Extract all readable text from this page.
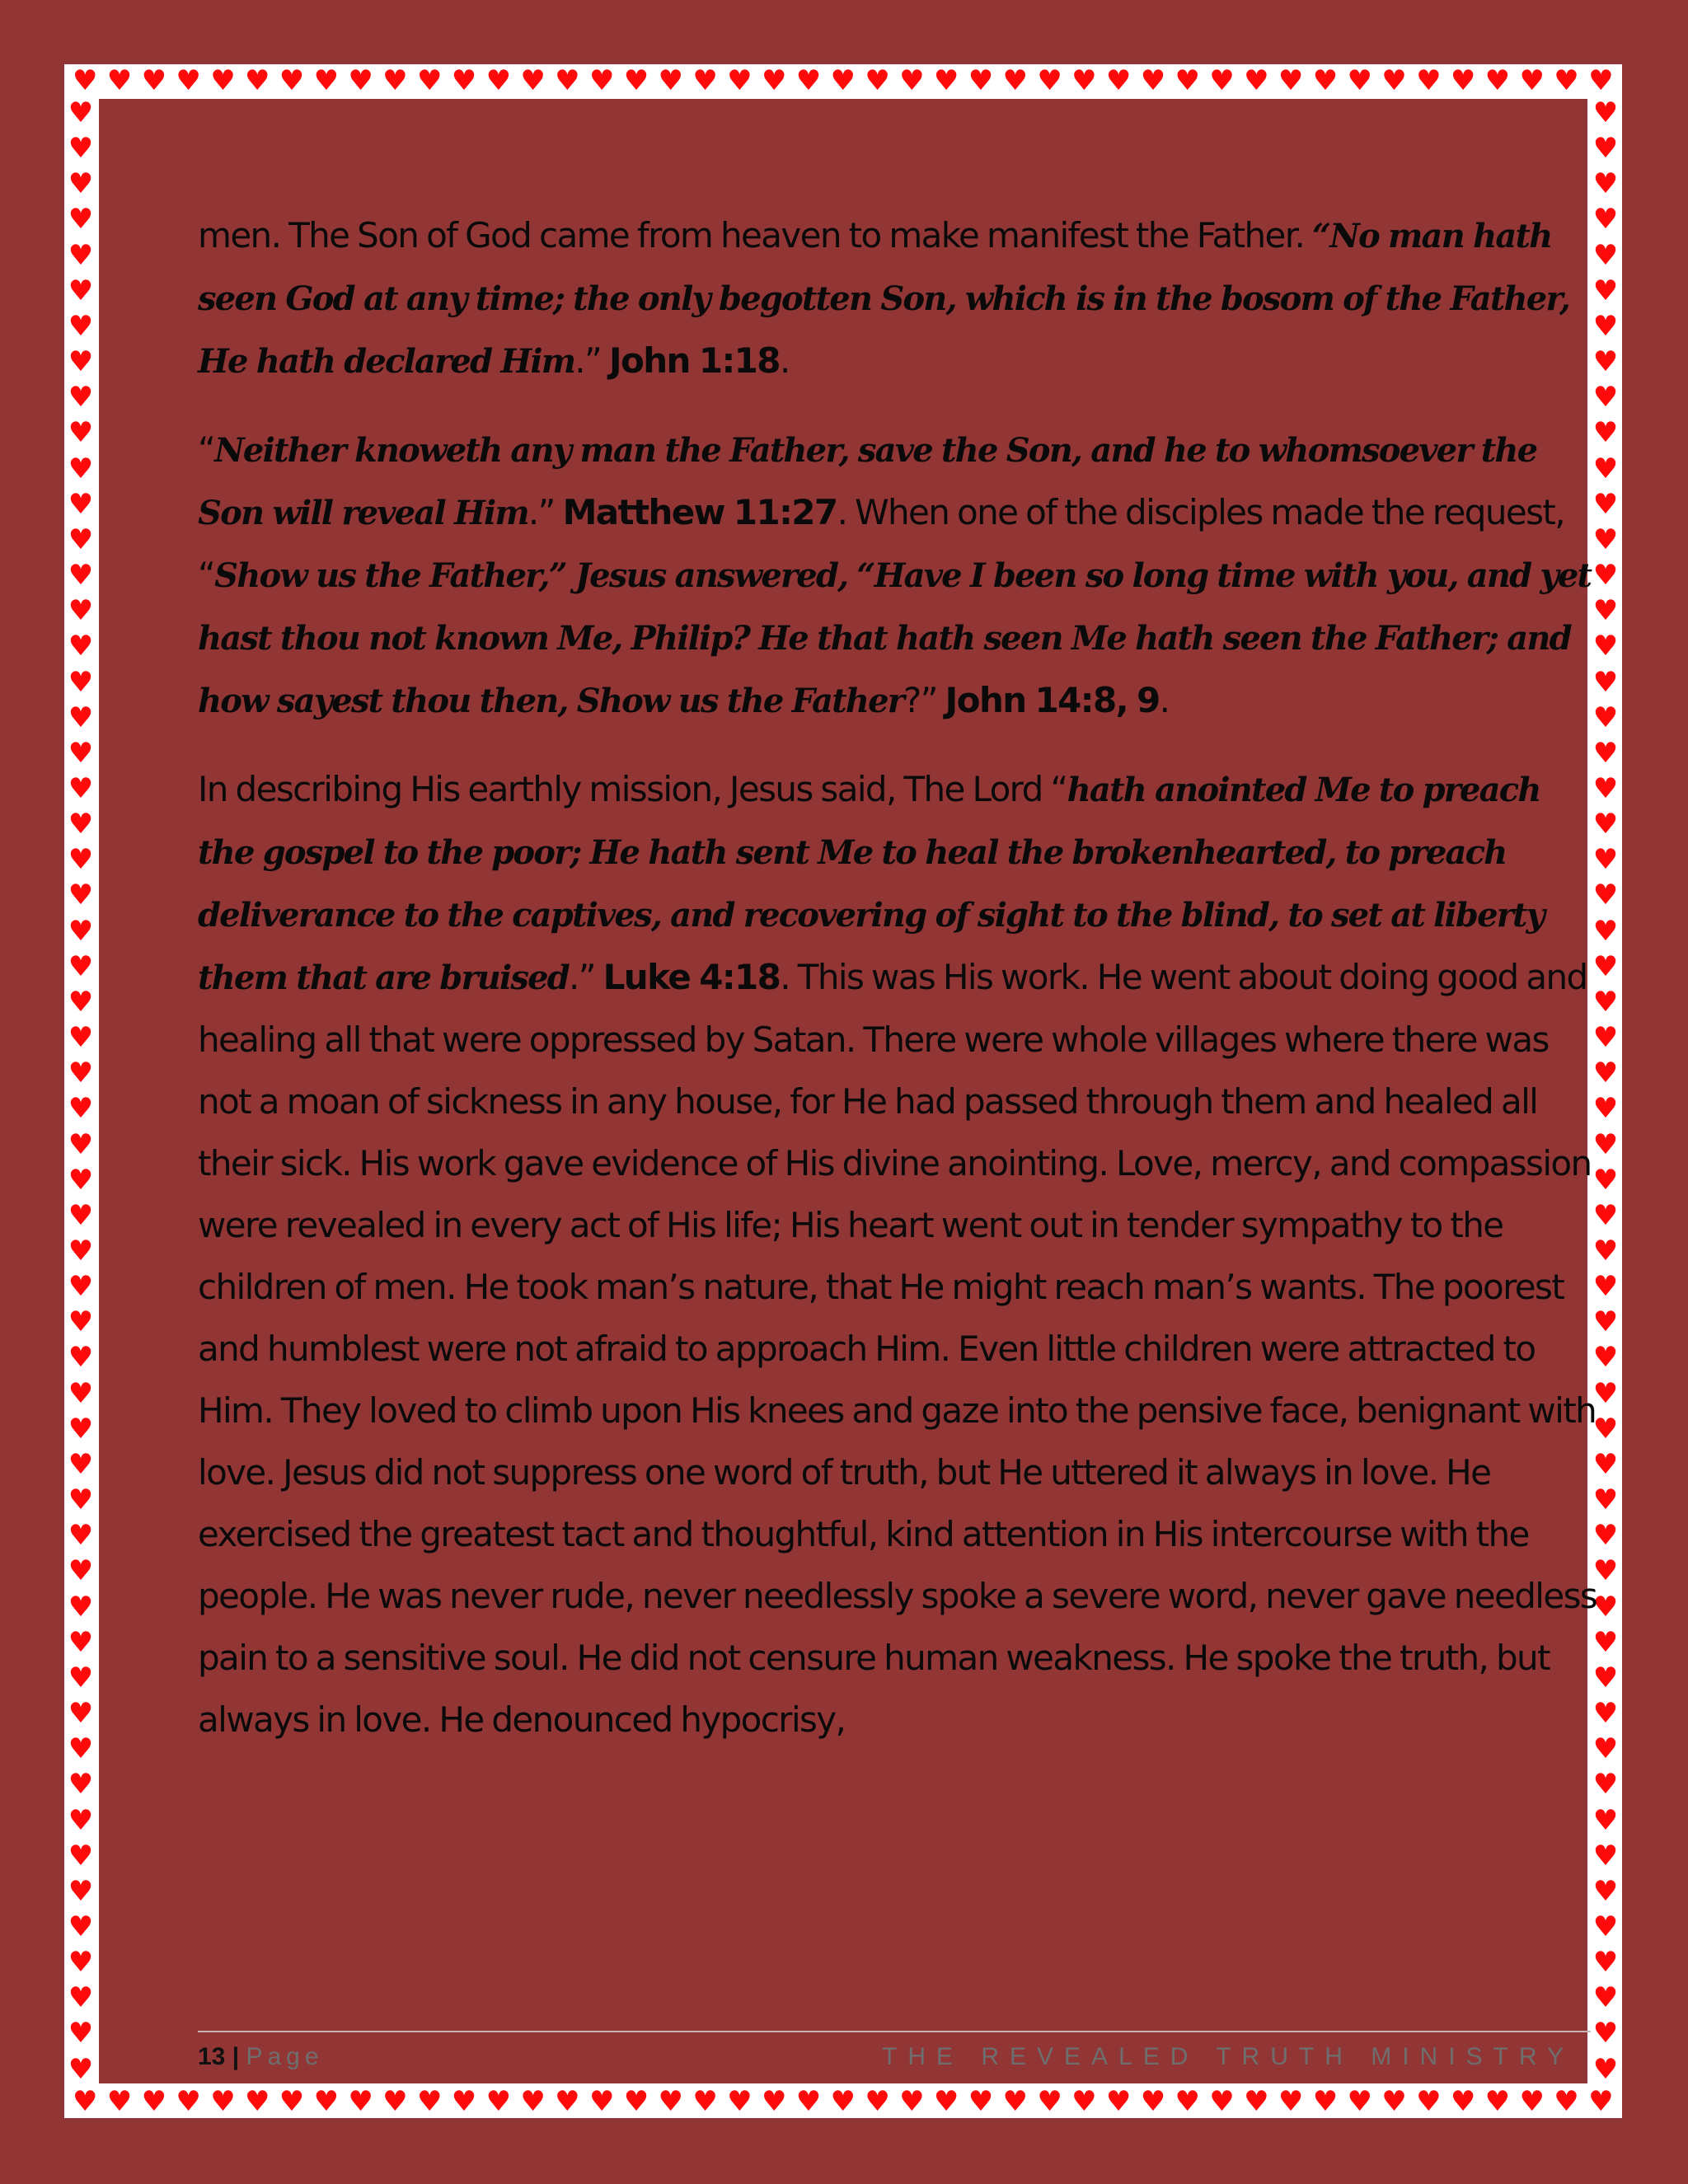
♥ ♥ ♥ ♥ ♥ ♥ ♥ ♥ ♥ ♥ ♥ ♥ ♥ ♥ ♥ ♥ ♥ ♥ ♥ ♥ ♥ ♥ ♥ ♥ ♥ ♥ ♥ ♥ ♥ ♥ ♥ ♥ ♥ ♥ ♥ ♥ ♥ ♥ ♥ ♥ ♥ ♥ ♥ ♥ ♥
♥ ♥ ♥ ♥ ♥ ♥ ♥ ♥ ♥ ♥ ♥ ♥ ♥ ♥ ♥ ♥ ♥ ♥ ♥ ♥ ♥ ♥ ♥ ♥ ♥ ♥ ♥ ♥ ♥ ♥ ♥ ♥ ♥ ♥ ♥ ♥ ♥ ♥ ♥ ♥ ♥ ♥ ♥ ♥ ♥
♥
♥
♥
♥
♥
♥
♥
♥
♥
♥
♥
♥
♥
♥
♥
♥
♥
♥
♥
♥
♥
♥
♥
♥
♥
♥
♥
♥
♥
♥
♥
♥
♥
♥
♥
♥
♥
♥
♥
♥
♥
♥
♥
♥
♥
♥
♥
♥
♥
♥
♥
♥
♥
♥
♥
♥
♥
♥
♥
♥
♥
♥
♥
♥
♥
♥
♥
♥
♥
♥
♥
♥
♥
♥
♥
♥
♥
♥
♥
♥
♥
♥
♥
♥
♥
♥
♥
♥
♥
♥
♥
♥
♥
♥
♥
♥
♥
♥
♥
♥
♥
♥
♥
♥
♥
♥
♥
♥
♥
♥
♥
♥

men. The Son of God came from heaven to make manifest the Father. “No man hath seen God at any time; the only begotten Son, which is in the bosom of the Father, He hath declared Him.” John 1:18.

“Neither knoweth any man the Father, save the Son, and he to whomsoever the Son will reveal Him.” Matthew 11:27. When one of the disciples made the request, “Show us the Father,” Jesus answered, “Have I been so long time with you, and yet hast thou not known Me, Philip? He that hath seen Me hath seen the Father; and how sayest thou then, Show us the Father?” John 14:8, 9.

In describing His earthly mission, Jesus said, The Lord “hath anointed Me to preach the gospel to the poor; He hath sent Me to heal the brokenhearted, to preach deliverance to the captives, and recovering of sight to the blind, to set at liberty them that are bruised.” Luke 4:18. This was His work. He went about doing good and healing all that were oppressed by Satan. There were whole villages where there was not a moan of sickness in any house, for He had passed through them and healed all their sick. His work gave evidence of His divine anointing. Love, mercy, and compassion were revealed in every act of His life; His heart went out in tender sympathy to the children of men. He took man’s nature, that He might reach man’s wants. The poorest and humblest were not afraid to approach Him. Even little children were attracted to Him. They loved to climb upon His knees and gaze into the pensive face, benignant with love. Jesus did not suppress one word of truth, but He uttered it always in love. He exercised the greatest tact and thoughtful, kind attention in His intercourse with the people. He was never rude, never needlessly spoke a severe word, never gave needless pain to a sensitive soul. He did not censure human weakness. He spoke the truth, but always in love. He denounced hypocrisy,

13 | Page	THE REVEALED TRUTH MINISTRY
